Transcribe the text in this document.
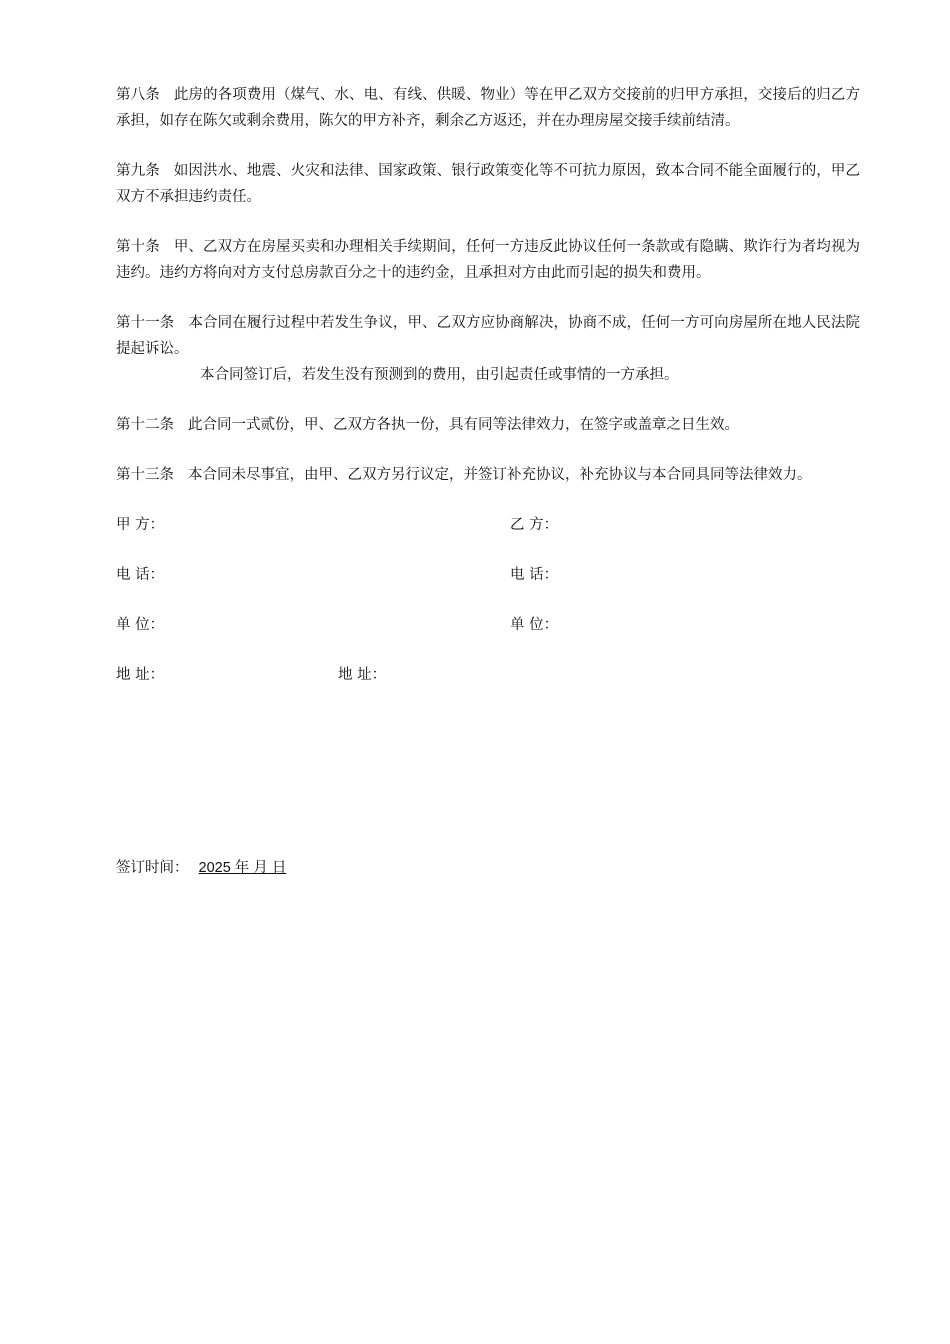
第八条 此房的各项费用（煤气、水、电、有线、供暖、物业）等在甲乙双方交接前的归甲方承担，交接后的归乙方承担，如存在陈欠或剩余费用，陈欠的甲方补齐，剩余乙方返还，并在办理房屋交接手续前结清。

第九条 如因洪水、地震、火灾和法律、国家政策、银行政策变化等不可抗力原因，致本合同不能全面履行的，甲乙双方不承担违约责任。

第十条 甲、乙双方在房屋买卖和办理相关手续期间，任何一方违反此协议任何一条款或有隐瞒、欺诈行为者均视为违约。违约方将向对方支付总房款百分之十的违约金，且承担对方由此而引起的损失和费用。

第十一条 本合同在履行过程中若发生争议，甲、乙双方应协商解决，协商不成，任何一方可向房屋所在地人民法院提起诉讼。
本合同签订后，若发生没有预测到的费用，由引起责任或事情的一方承担。

第十二条 此合同一式贰份，甲、乙双方各执一份，具有同等法律效力，在签字或盖章之日生效。

第十三条 本合同未尽事宜，由甲、乙双方另行议定，并签订补充协议，补充协议与本合同具同等法律效力。

甲 方：	乙 方：
电 话：	电 话：
单 位：	单 位：
地 址：	地 址：
签订时间： 2025 年 月 日
